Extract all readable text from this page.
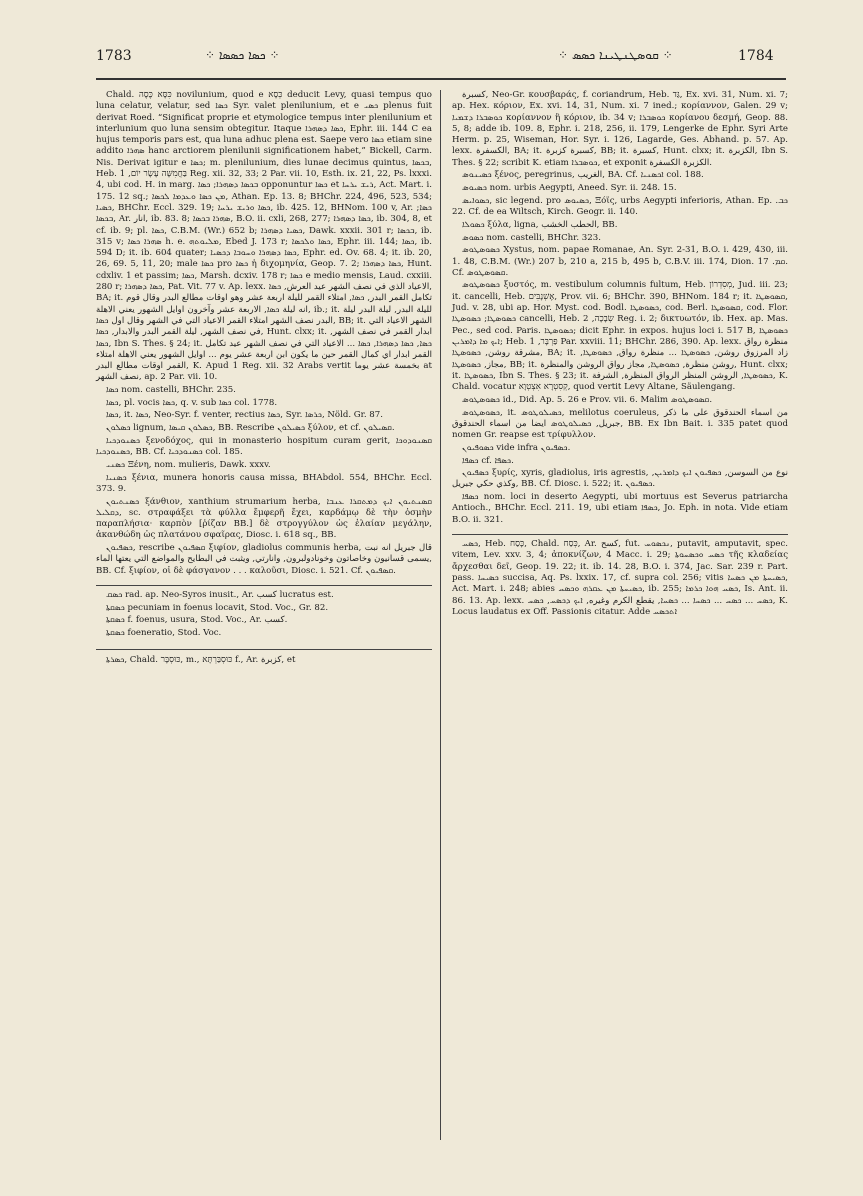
1783	⁘ ܟܣܐ ܟܣܣܐ ⁘	⁘ ܩܘܣܛܢܛܝܢܐ ܟܣܣ ⁘	1784

Chald. כִּסָּא כֶּסֶה novilunium, quod e כְּסָא deducit Levy, quasi tempus quo luna celatur, velatur, sed ܟܣܐ Syr. valet plenilunium, et e ܟܣܝ plenus fuit derivat Roed. “Significat proprie et etymologice tempus inter plenilunium et interlunium quo luna sensim obtegitur. Itaque ܟܣܐ ܕܣܗܪܐ, Ephr. iii. 144 C ea hujus temporis pars est, qua luna adhuc plena est. Saepe vero ܟܣܐ etiam sine addito ܣܗܪܐ hanc arctiorem plenilunii significationem habet,” Bickell, Carm. Nis. Derivat igitur e ܟܣܐ; m. plenilunium, dies lunae decimus quintus, ܒܟܣܐ, Heb. בַּחֲמִשָּׁה עָשָׂר יוֹם, 1 Reg. xii. 32, 33; 2 Par. vii. 10, Esth. ix. 21, 22, Ps. lxxxi. 4, ubi cod. H. in marg. ܒܟܣܐ ܕܣܗܪܐ; ܟܣܐ opponuntur ܟܣܐ et ܪܝܫ ܝܪܚܐ, Act. Mart. i. 175. 12 sq.; ܡܢ ܟܣܐ ܘܥܕܡܐ ܠܟܣܐ, Athan. Ep. 13. 8; BHChr. 224, 496, 523, 534; ܟܣܝܐ, BHChr. Eccl. 329. 19; ܟܣܐ ܘܪܝܫ ܝܪܚܐ, ib. 425. 12, BHNom. 100 v, Ar. ܟܣܐ; ܒܟܣܐ, Ar. انار, ib. 83. 8; ܣܗܪܐ ܒܟܣܐ, B.O. ii. cxli, 268, 277; ܟܣܐ ܕܣܗܪܐ, ib. 304, 8, et cf. ib. 9; pl. ܟܣܐ, C.B.M. (Wr.) 652 b; ܟܣܝܐ ܕܣܗܪܐ, Dawk. xxxii. 301 r; ܒܟܣܐ, ib. 315 v; ܣܗܪܐ ܟܣܐ h. e. ܡܠܝܘܬܗ, Ebed J. 173 r; ܟܣܐ ܘܠܟܣܐ, Ephr. iii. 144; ܟܣܐ, ib. 594 D; it. ib. 604 quater; ܟܣܐ ܕܣܗܪܐ ܘܚܘܒܐ ܕܟܣܝܐ, Ephr. ed. Ov. 68. 4; it. ib. 20, 26, 69. 5, 11, 20; male ܟܣܐ pro ܟܣܐ ἡ διχομηνία, Geop. 7. 2; ܟܣܐ ܕܣܗܪܐ, Hunt. cdxliv. 1 et passim; ܟܣܐ, Marsh. dcxiv. 178 r; ܟܣܐ e medio mensis, Laud. cxxiii. 280 r; ܟܣܐ ܕܣܗܪܐ, Pat. Vit. 77 v. Ap. lexx. الاعياد الذي في نصف الشهر عيد العرش, ܟܣܐ, BA; it. تكامل القمر البدر, ܟܣܐ, امتلاء القمر لليلة اربعة عشر وهو اوقات مطالع البدر وقال قوم انه ليلة ܟܣܐ, الاربعة عشر وآخرون اوايل الشهور يعني الاهلة, ib.; it. لليلة البدر, ليلة البدر ليلة البدر نصف الشهر امتلاء القمر الاعياد التي في الشهر وقال اول ܟܣܐ, BB; it. الشهر الاعياد التي في نصف الشهر, ليلة القمر البدر والابدار, ܟܣܐ, Hunt. clxx; it. ابدار القمر في نصف الشهر, ܟܣܐ, Ibn S. Thes. § 24; it. ܟܣܐ, ܟܣܐ ܕܣܗܪܐ, ܟܣܐ ... الاعياد التي في نصف الشهر عيد تكامل القمر ابدار اي كمال القمر حين ما يكون ابن اربعة عشر يوم ... اوايل الشهور يعني الاهلة امتلاء القمر اوقات مطالع البدر, K. Apud 1 Reg. xii. 32 Arabs vertit بخمسة عشر يوما at نصف الشهر, ap. 2 Par. vii. 10.

ܟܣܐ nom. castelli, BHChr. 235.

ܟܣܐ, pl. vocis ܟܣܐ, q. v. sub ܟܣܐ col. 1778.

ܟܣܐ, it. ܟܣܐ, Neo-Syr. f. venter, rectius ܟܣܐ, Syr. ܟܪܣܐ, Nöld. Gr. 87.

ܟܣܠܘܢ lignum, ܟܣܠܘܢ ܩܝܣܐ, BB. Rescribe ܟܣܝܠܘܢ ξύλον, et cf. ܩܣܝܠܘܢ.

ܟܣܢܘܕܟܝܐ ξενοδόχος, qui in monasterio hospitum curam gerit, ܩܣܢܘܕܘܟܐ ܟܣܢܘܕܟܝܐ, BB. Cf. ܟܣܢܘܕܟܝܐ col. 185.

ܟܣܢܝ Ξένη, nom. mulieris, Dawk. xxxv.

ܟܣܢܝܐ ξένια, munera honoris causa missa, BHAbdol. 554, BHChr. Eccl. 373. 9.

ܟܣܢܬܝܘܢ ξάνθιον, xanthium strumarium herba, ܩܣܢܬܝܘܢ ܐܝܟ ܕܡܬܩܪܐ ܥܢܒܐ ܕܩܠܝܠ, sc. στραφάξει τὰ φύλλα ἔμφερῆ ἔχει, καρδάμῳ δὲ τὴν ὀσμὴν παραπλήσια· καρπὸν [ῥίζαν BB.] δὲ στρογγύλον ὡς ἐλαίαν μεγάλην, ἀκανθώδη ὡς πλατάνου σφαῖρας, Diosc. i. 618 sq., BB.

ܟܣܦܝܘܢ, rescribe ܩܣܦܝܘܢ ξιφίον, gladiolus communis herba, قال جبريل انه نبت يسمى قسانيون وخاصاتون وخونادولبرون, وانارتي, ويثبت في البطايح والمواضع التي يعتها الماء, BB. Cf. ξιφίον, οἱ δὲ φάσγανον . . . καλοῦσι, Diosc. i. 521. Cf. ܩܣܦܝܘܢ.

ܟܣܩ rad. ap. Neo-Syros inusit., Ar. كسب lucratus est.

ܟܣܩܬܐ pecuniam in foenus locavit, Stod. Voc., Gr. 82.

ܟܣܩܬܐ f. foenus, usura, Stod. Voc., Ar. كسب.

ܟܣܩܬܐ foeneratio, Stod. Voc.

ܟܣܪܬܐ, Chald. כּוּסְבָּר, m., כּוּסְבַּרְתָּא f., Ar. كزبرة, et

كسبرة, Neo-Gr. κουσβαράς, f. coriandrum, Heb. גַּד, Ex. xvi. 31, Num. xi. 7; ap. Hex. κόριον, Ex. xvi. 14, 31, Num. xi. 7 ined.; κορίαννον, Galen. 29 v; ܟܘܣܒܪܐ ܕܫܡܝܐ κορίαννον ἢ κόριον, ib. 34 v; ܟܘܣܒܪܐ κορίανου δεσμή, Geop. 88. 5, 8; adde ib. 109. 8, Ephr. i. 218, 256, ii. 179, Lengerke de Ephr. Syri Arte Herm. p. 25, Wiseman, Hor. Syr. i. 126, Lagarde, Ges. Abhand. p. 57. Ap. lexx. الكسفرة, BA; it. كسبرة كزبرة, BB; it. كسبرة, Hunt. clxx; it. الكزبرة, Ibn S. Thes. § 22; scribit K. etiam ܟܘܣܒܪܐ, et exponit الكزبرة الكسفرة.

ܟܣܝܢܘܣ ξένος, peregrinus, الغريب, BA. Cf. ܐܟܣܢܝܐ col. 188.

ܟܣܝܘܣ nom. urbis Aegypti, Aneed. Syr. ii. 248. 15.

ܟܣܘܐܝܣ, sic legend. pro ܟܣܝܘܣ, Ξόϊς, urbs Aegypti inferioris, Athan. Ep. ܟܒ. 22. Cf. de ea Wiltsch, Kirch. Geogr. ii. 140.

ܟܣܘܠܐ ξύλα, ligna, الحطب الخشب, BB.

ܟܣܘܣ nom. castelli, BHChr. 323.

ܟܣܘܣܛܘܣ Xystus, nom. papae Romanae, An. Syr. 2-31, B.O. i. 429, 430, iii. 1. 48, C.B.M. (Wr.) 207 b, 210 a, 215 b, 495 b, C.B.V. iii. 174, Dion. ܩܡ. 17. Cf. ܩܣܘܣܛܘܣ.

ܟܣܘܣܛܘܣ ξυστός, m. vestibulum columnis fultum, Heb. מְסִדְרוֹן, Jud. iii. 23; it. cancelli, Heb. אֶשְׁנָבִּים, Prov. vii. 6; BHChr. 390, BHNom. 184 r; it. ܩܣܘܣܛܐ, Jud. v. 28, ubi ap. Hor. Myst. cod. Bodl. ܟܣܘܣܛܐ, cod. Berl. ܩܣܘܣܛܐ, cod. Flor. ܟܣܘܣܛܐ; ܟܣܘܣܛܐ cancelli, Heb. שְׂבָכָה, 2 Reg. i. 2; δικτυωτόν, ib. Hex. ap. Mas. Pec., sed cod. Paris. ܟܣܘܣܛܐ; dicit Ephr. in expos. hujus loci i. 517 B, ܟܣܘܣܛܐ ܐܝܟ ܡܐ ܕܐܡܪܝܢ; Heb. פַּרְבָּר, 1 Par. xxviii. 11; BHChr. 286, 390. Ap. lexx. منظرة رواق مشرقة روشن, ܟܣܘܣܛܐ, BA; it. زاد المرزوق روشن, ܟܣܘܣܛܐ ... منظرة رواق, ܟܣܘܣܛܐ, مجاز, ܟܣܘܣܛܐ, BB; it. روشن منظرة, ܟܣܘܣܛܐ, مجاز رواق الروشن والمنظرة, Hunt. clxx; it. ܟܣܘܣܛܐ, Ibn S. Thes. § 23; it. ܟܣܘܣܛܐ, الروشن المنظر الرواق المنظرة, الشرفة, K. Chald. vocatur קְסִטְרָא אִצְטְוָא, quod vertit Levy Altane, Säulengang.

ܟܣܘܣܛܘܣ id., Did. Ap. 5. 26 e Prov. vii. 6. Malim ܩܣܘܣܛܘܣ.

ܟܣܘܣܛܘܣ, it. ܟܣܝܠܘܛܘܣ, melilotus coeruleus, من اسماء الحندقوق على ما ذكر جبريل, ܟܣܝܠܘܛܘܣ ايضا من اسماء الحندقوق, BB. Ex Ibn Bait. i. 335 patet quod nomen Gr. reapse est τρίφυλλον.

ܟܣܘܦܝܘܢ vide infra ܟܣܦܝܘܢ.

ܟܣܦܐ cf. ܟܣܦܐ.

ܟܣܦܝܘܢ ξυρίς, xyris, gladiolus, iris agrestis, نوع من السوسن, ܟܣܦܝܘܢ ܐܝܟ ܕܐܡܪܝܢ, وكذي حكي جبريل, BB. Cf. Diosc. i. 522; it. ܟܣܦܝܘܢ.

ܟܣܦܐ nom. loci in deserto Aegypti, ubi mortuus est Severus patriarcha Antioch., BHChr. Eccl. 211. 19, ubi etiam ܟܣܦܐ, Jo. Eph. in nota. Vide etiam B.O. ii. 321.

ܟܣܚ, Heb. כָּסַח, Chald. כְּסַח, Ar. كسح, fut. ܢܟܣܘܚ, putavit, amputavit, spec. vitem, Lev. xxv. 3, 4; ἀποκνίζων, 4 Macc. i. 29; ܟܣܚ ܘܟܣܚܘܬܐ τῆς κλαδείας ἄρχεσθαι δεῖ, Geop. 19. 22; it. ib. 14. 28, B.O. i. 374, Jac. Sar. 239 r. Part. pass. ܟܣܝܚܐ succisa, Aq. Ps. lxxix. 17, cf. supra col. 256; vitis ܟܣܝܚܬܐ ܡܢ ܟܣܚܐ, Act. Mart. i. 248; abies ܟܣܝܚܬܐ ܡܢ ܥܩܪܗ ܘܟܣܚ, ib. 255; ܟܣܚ ܗܘܐ ܟܪܡܐ, Is. Ant. ii. 86. 13. Ap. lexx. ܟܣܚ ... ܟܣܚ ... ܟܣܚܐ ... ܟܣܚܐ, يقطع الكرم وغيره, ܐܝܟ ܕܟܣܚ, ܟܣܚ, K. Locus laudatus ex Off. Passionis citatur. Adde ܐܬܟܣܚ
